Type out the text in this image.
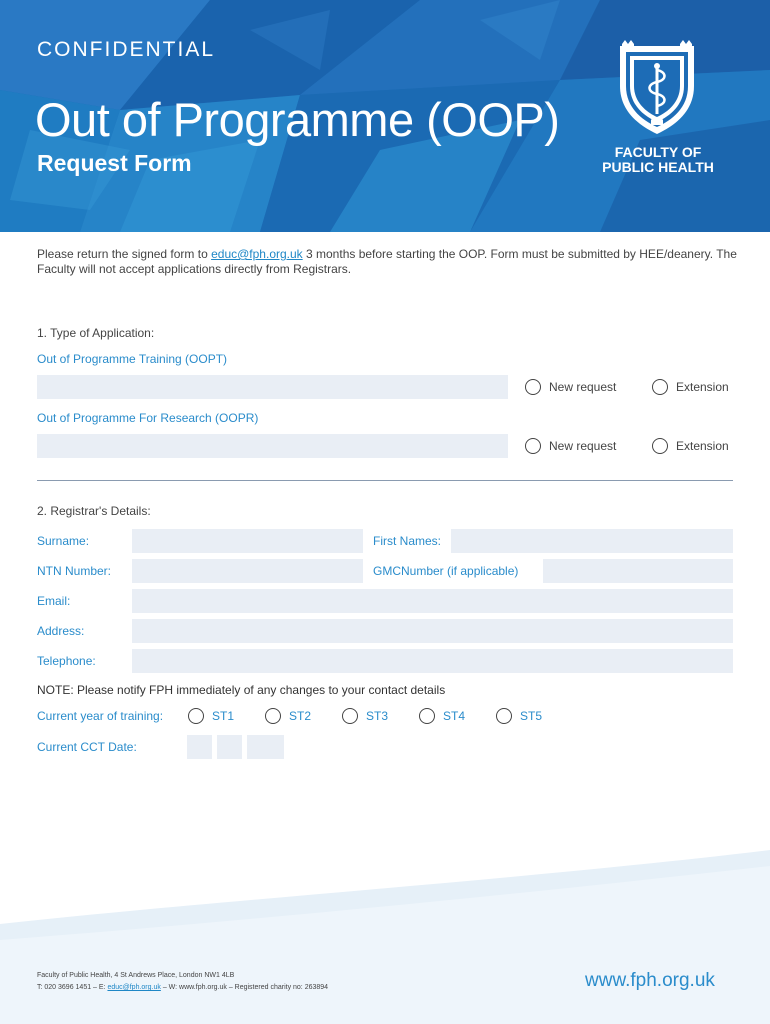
CONFIDENTIAL
Out of Programme (OOP)
Request Form	FACULTY OF
PUBLIC HEALTH
Please return the signed form to educ@fph.org.uk 3 months before starting the OOP. Form must be submitted by HEE/deanery. The Faculty will not accept applications directly from Registrars.
1. Type of Application:
Out of Programme Training (OOPT)
New request	Extension
Out of Programme For Research (OOPR)
New request	Extension
2. Registrar's Details:
Surname:	First Names:
NTN Number:	GMCNumber (if applicable)
Email:
Address:
Telephone:
NOTE: Please notify FPH immediately of any changes to your contact details
Current year of training:	ST1	ST2	ST3	ST4	ST5
Current CCT Date:
Faculty of Public Health, 4 St Andrews Place, London NW1 4LB
T: 020 3696 1451 – E: educ@fph.org.uk – W: www.fph.org.uk – Registered charity no: 263894	www.fph.org.uk
